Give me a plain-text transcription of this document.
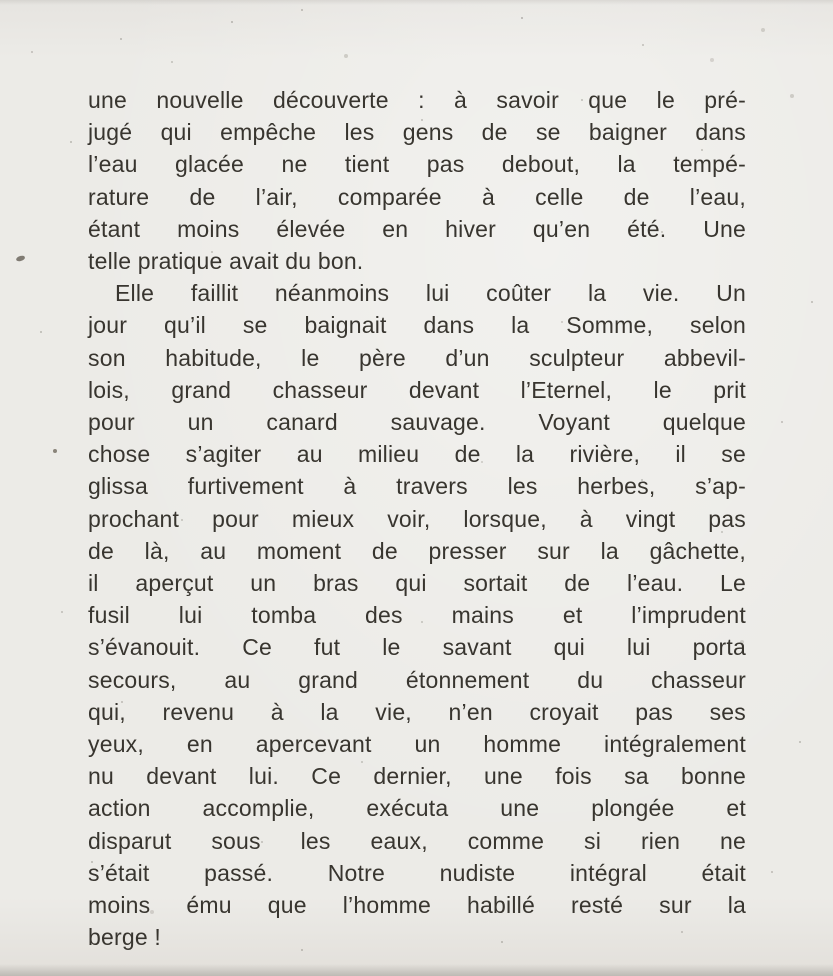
une nouvelle découverte : à savoir que le pré-
jugé qui empêche les gens de se baigner dans
l’eau glacée ne tient pas debout, la tempé-
rature de l’air, comparée à celle de l’eau,
étant moins élevée en hiver qu’en été. Une
telle pratique avait du bon.
Elle faillit néanmoins lui coûter la vie. Un
jour qu’il se baignait dans la Somme, selon
son habitude, le père d’un sculpteur abbevil-
lois, grand chasseur devant l’Eternel, le prit
pour un canard sauvage. Voyant quelque
chose s’agiter au milieu de la rivière, il se
glissa furtivement à travers les herbes, s’ap-
prochant pour mieux voir, lorsque, à vingt pas
de là, au moment de presser sur la gâchette,
il aperçut un bras qui sortait de l’eau. Le
fusil lui tomba des mains et l’imprudent
s’évanouit. Ce fut le savant qui lui porta
secours, au grand étonnement du chasseur
qui, revenu à la vie, n’en croyait pas ses
yeux, en apercevant un homme intégralement
nu devant lui. Ce dernier, une fois sa bonne
action accomplie, exécuta une plongée et
disparut sous les eaux, comme si rien ne
s’était passé. Notre nudiste intégral était
moins ému que l’homme habillé resté sur la
berge !
